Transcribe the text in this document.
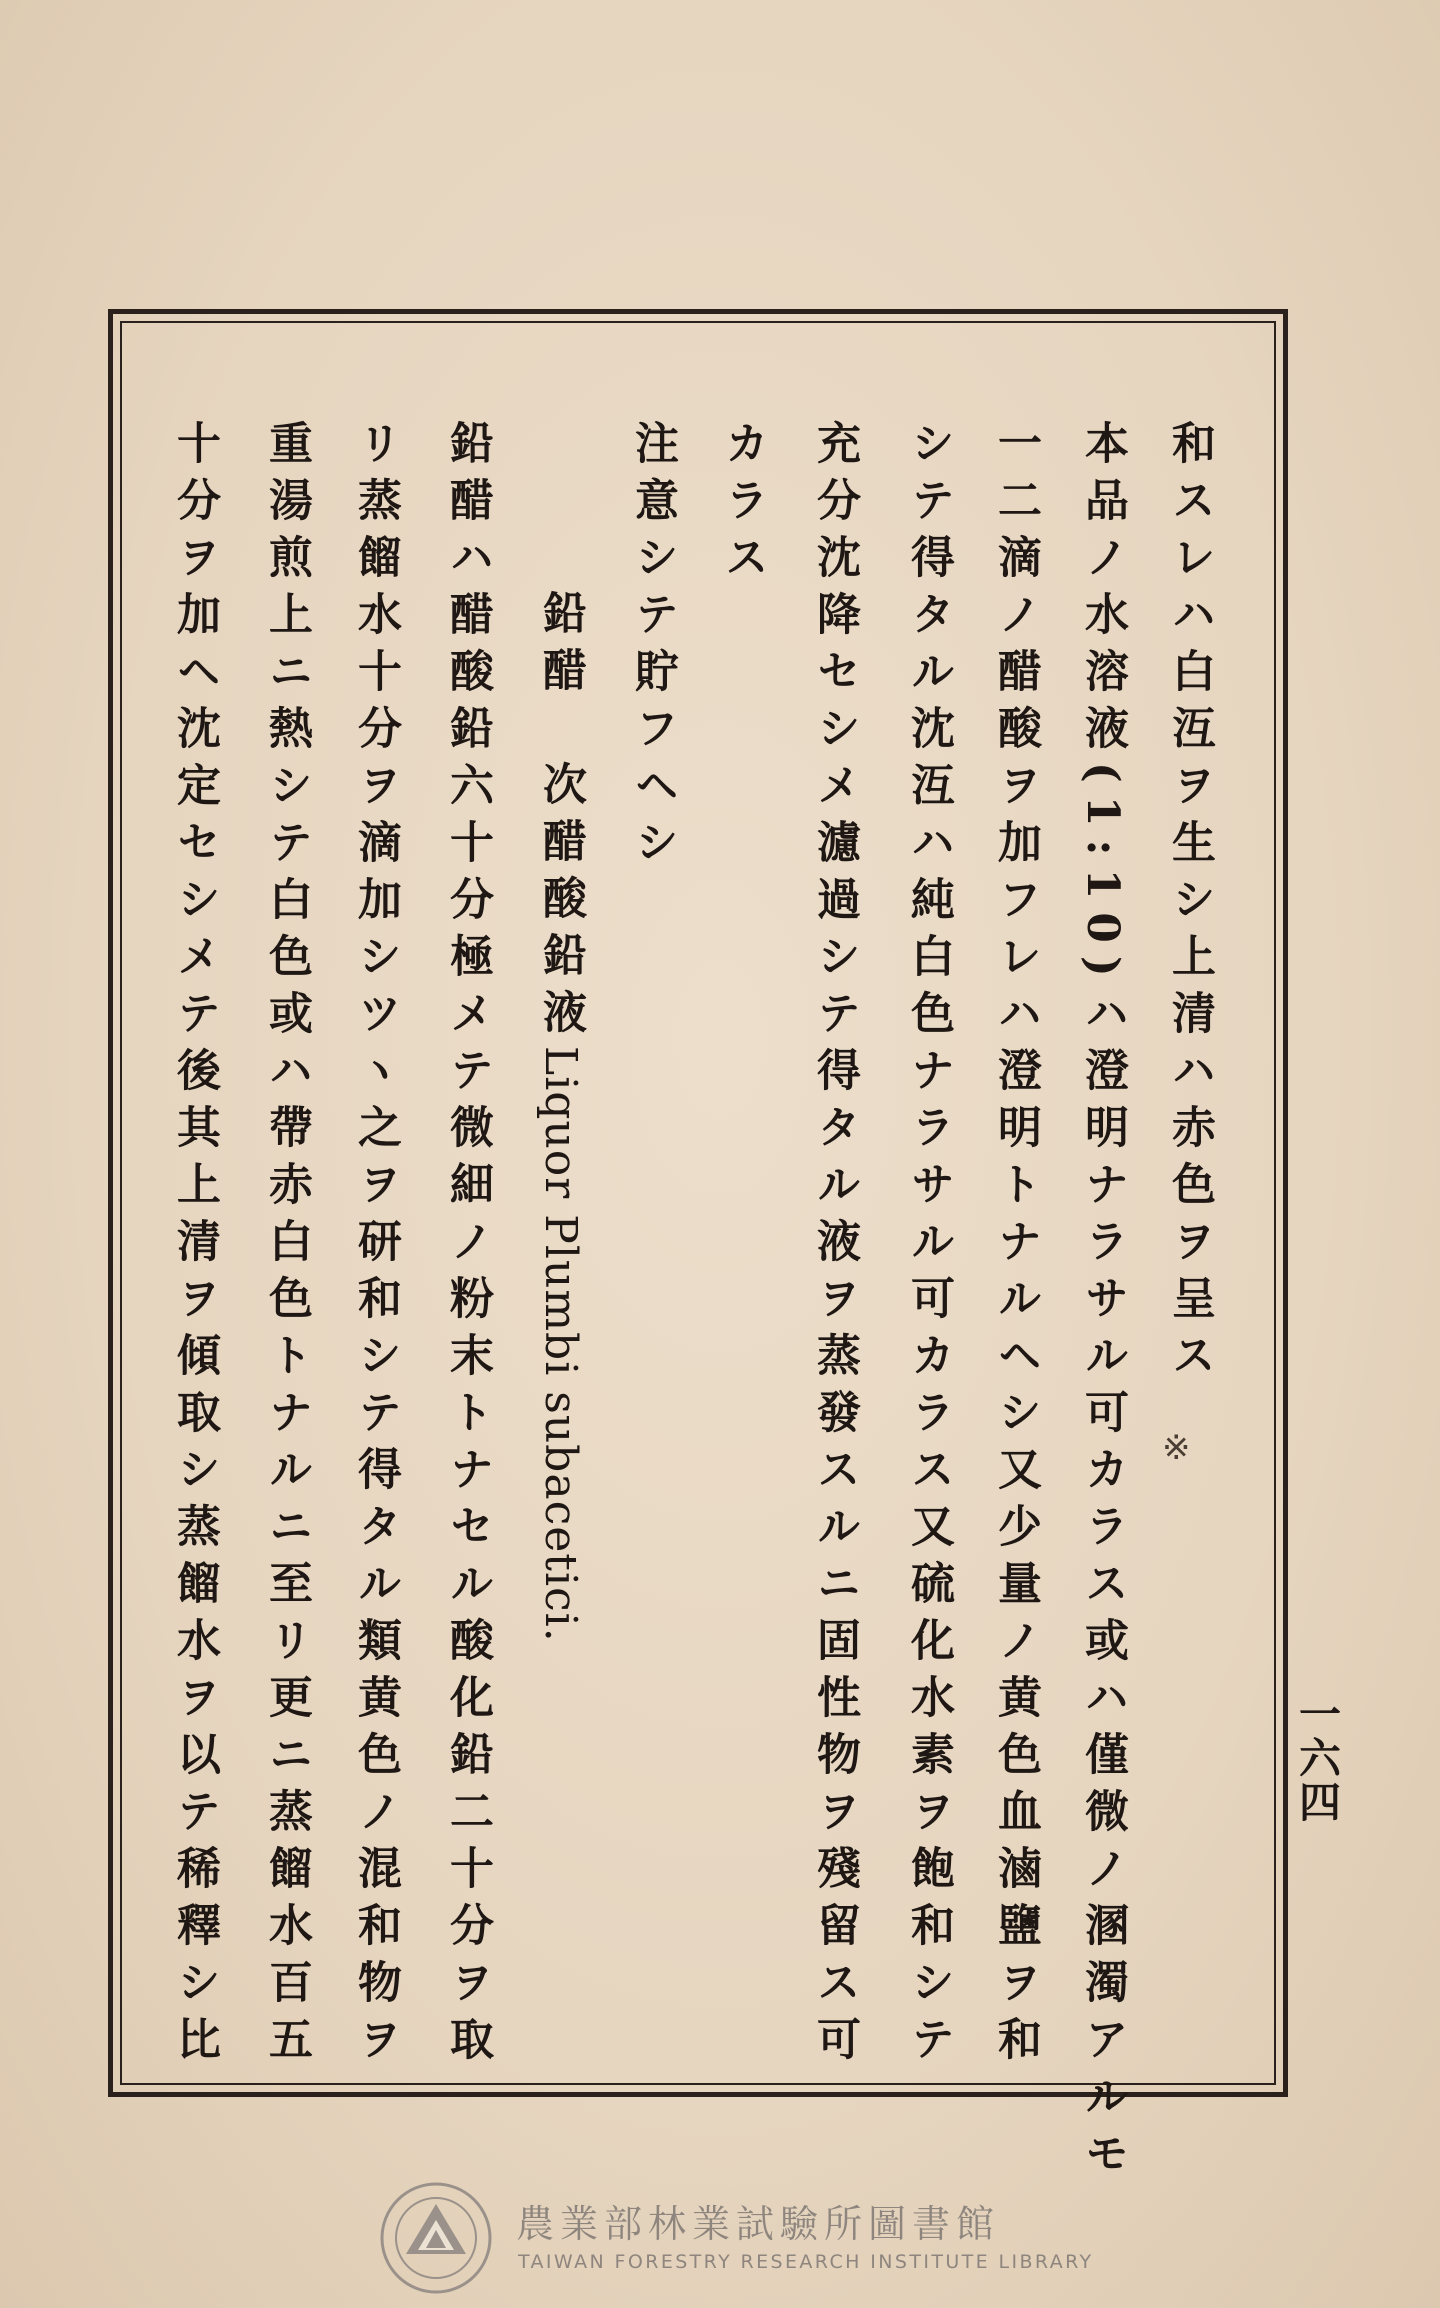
和スレハ白沍ヲ生シ上清ハ赤色ヲ呈ス
本品ノ水溶液(1:10)ハ澄明ナラサル可カラス或ハ僅微ノ溷濁アルモ
一二滴ノ醋酸ヲ加フレハ澄明トナルヘシ又少量ノ黄色血滷鹽ヲ和
シテ得タル沈沍ハ純白色ナラサル可カラス又硫化水素ヲ飽和シテ
充分沈降セシメ濾過シテ得タル液ヲ蒸發スルニ固性物ヲ殘留ス可
カラス
注意シテ貯フヘシ
鉛醋　次醋酸鉛液Liquor Plumbi subacetici.
鉛醋ハ醋酸鉛六十分極メテ微細ノ粉末トナセル酸化鉛二十分ヲ取
リ蒸餾水十分ヲ滴加シツヽ之ヲ研和シテ得タル類黄色ノ混和物ヲ
重湯煎上ニ熱シテ白色或ハ帶赤白色トナルニ至リ更ニ蒸餾水百五
十分ヲ加ヘ沈定セシメテ後其上清ヲ傾取シ蒸餾水ヲ以テ稀釋シ比	※
一六四
農業部林業試驗所圖書館
TAIWAN FORESTRY RESEARCH INSTITUTE LIBRARY
